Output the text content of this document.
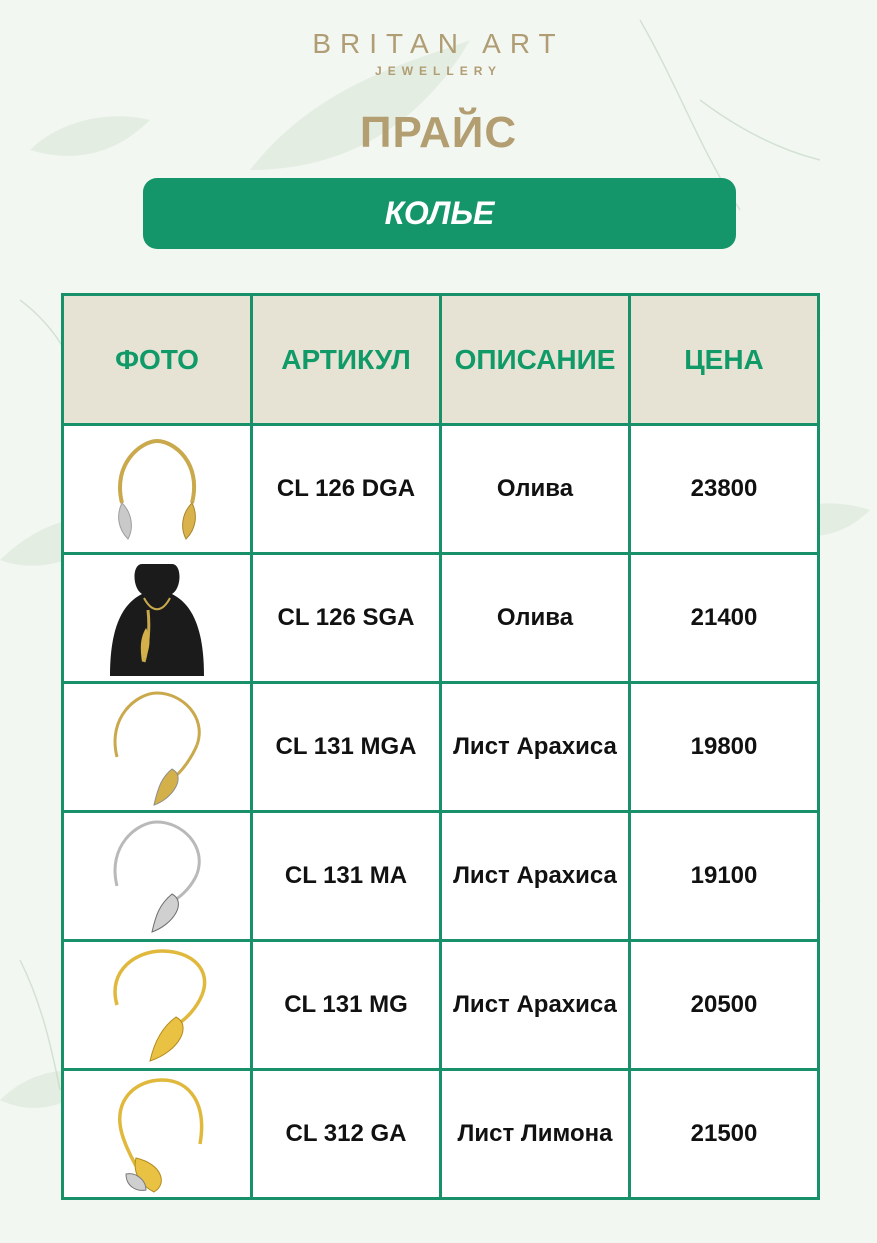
BRITAN ART
JEWELLERY
ПРАЙС
КОЛЬЕ
ФОТО	АРТИКУЛ	ОПИСАНИЕ	ЦЕНА

	CL 126 DGA	Олива	23800

	CL 126 SGA	Олива	21400

	CL 131 MGA	Лист Арахиса	19800

	CL 131 MA	Лист Арахиса	19100

	CL 131 MG	Лист Арахиса	20500

	CL 312 GA	Лист Лимона	21500
